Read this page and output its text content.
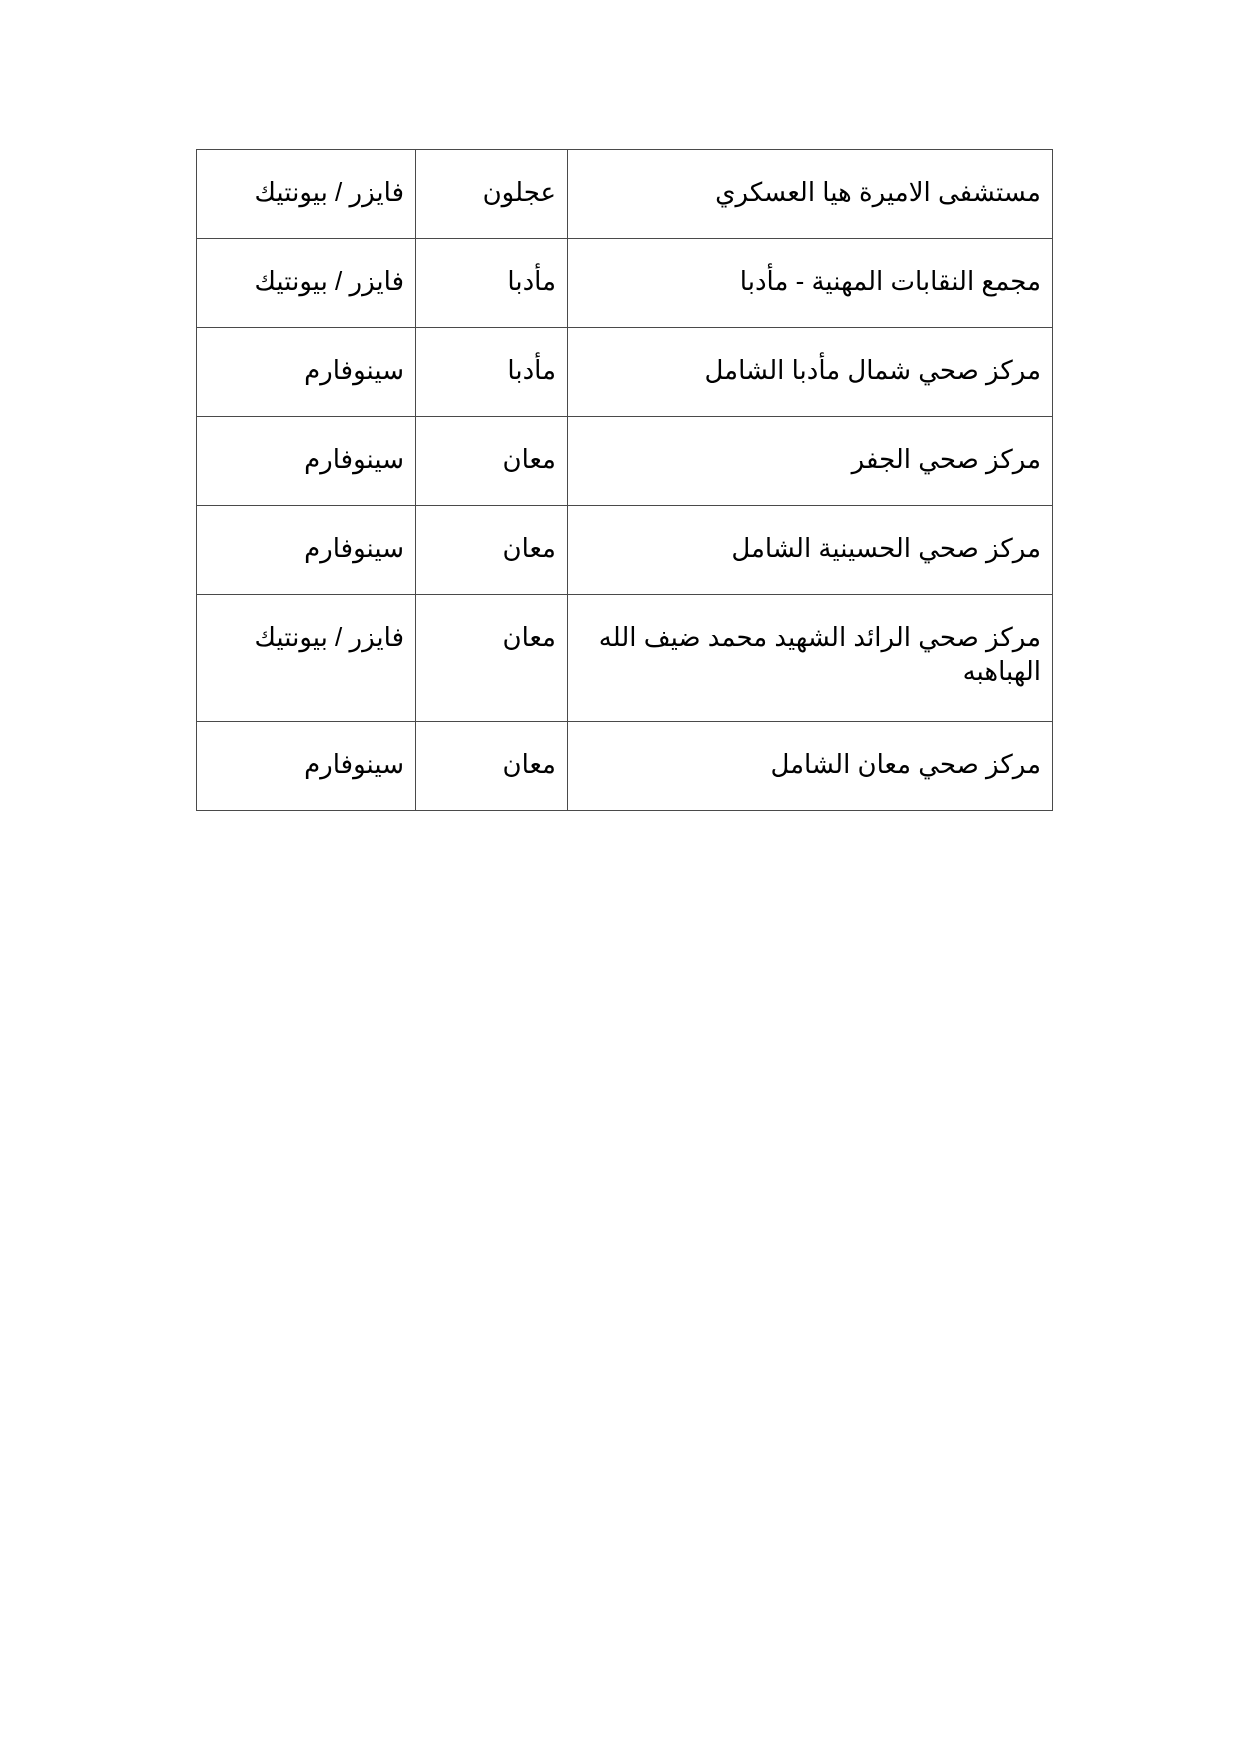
مستشفى الاميرة هيا العسكري	عجلون	فايزر / بيونتيك
مجمع النقابات المهنية - مأدبا	مأدبا	فايزر / بيونتيك
مركز صحي شمال مأدبا الشامل	مأدبا	سينوفارم
مركز صحي الجفر	معان	سينوفارم
مركز صحي الحسينية الشامل	معان	سينوفارم
مركز صحي الرائد الشهيد محمد ضيف الله الهباهبه	معان	فايزر / بيونتيك
مركز صحي معان الشامل	معان	سينوفارم
